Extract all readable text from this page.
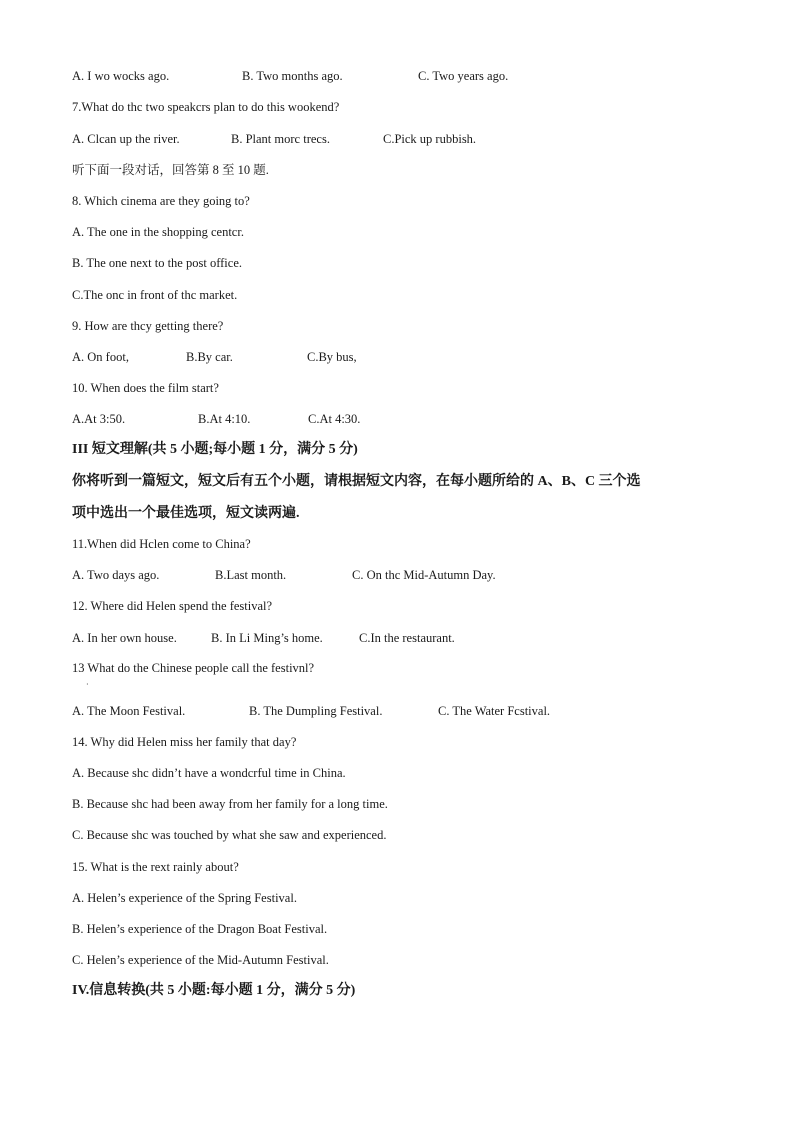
A. I wo wocks ago.	B. Two months ago.	C. Two years ago.
7.What do thc two speakcrs plan to do this wookend?
A. Clcan up the river.	B. Plant morc trecs.	C.Pick up rubbish.
听下面一段对话，回答第 8 至 10 题.
8. Which cinema are they going to?
A. The one in the shopping centcr.
B. The one next to the post office.
C.The onc in front of thc market.
9. How are thcy getting there?
A. On foot,	B.By car.	C.By bus,
10. When does the film start?
A.At 3:50.	B.At 4:10.	C.At 4:30.
III 短文理解(共 5 小题;每小题 1 分，满分 5 分)
你将听到一篇短文，短文后有五个小题，请根据短文内容，在每小题所给的 A、B、C 三个选
项中选出一个最佳选项，短文读两遍.
11.When did Hclen come to China?
A. Two days ago.	B.Last month.	C. On thc Mid-Autumn Day.
12. Where did Helen spend the festival?
A. In her own house.	B. In Li Ming’s home.	C.In the restaurant.
13 What do the Chinese people call the festivnl?
·
A. The Moon Festival.	B. The Dumpling Festival.	C. The Water Fcstival.
14. Why did Helen miss her family that day?
A. Because shc didn’t have a wondcrful time in China.
B. Because shc had been away from her family for a long time.
C. Because shc was touched by what she saw and experienced.
15. What is the rext rainly about?
A. Helen’s experience of the Spring Festival.
B. Helen’s experience of the Dragon Boat Festival.
C. Helen’s experience of the Mid-Autumn Festival.
IV.信息转换(共 5 小题:每小题 1 分，满分 5 分)
